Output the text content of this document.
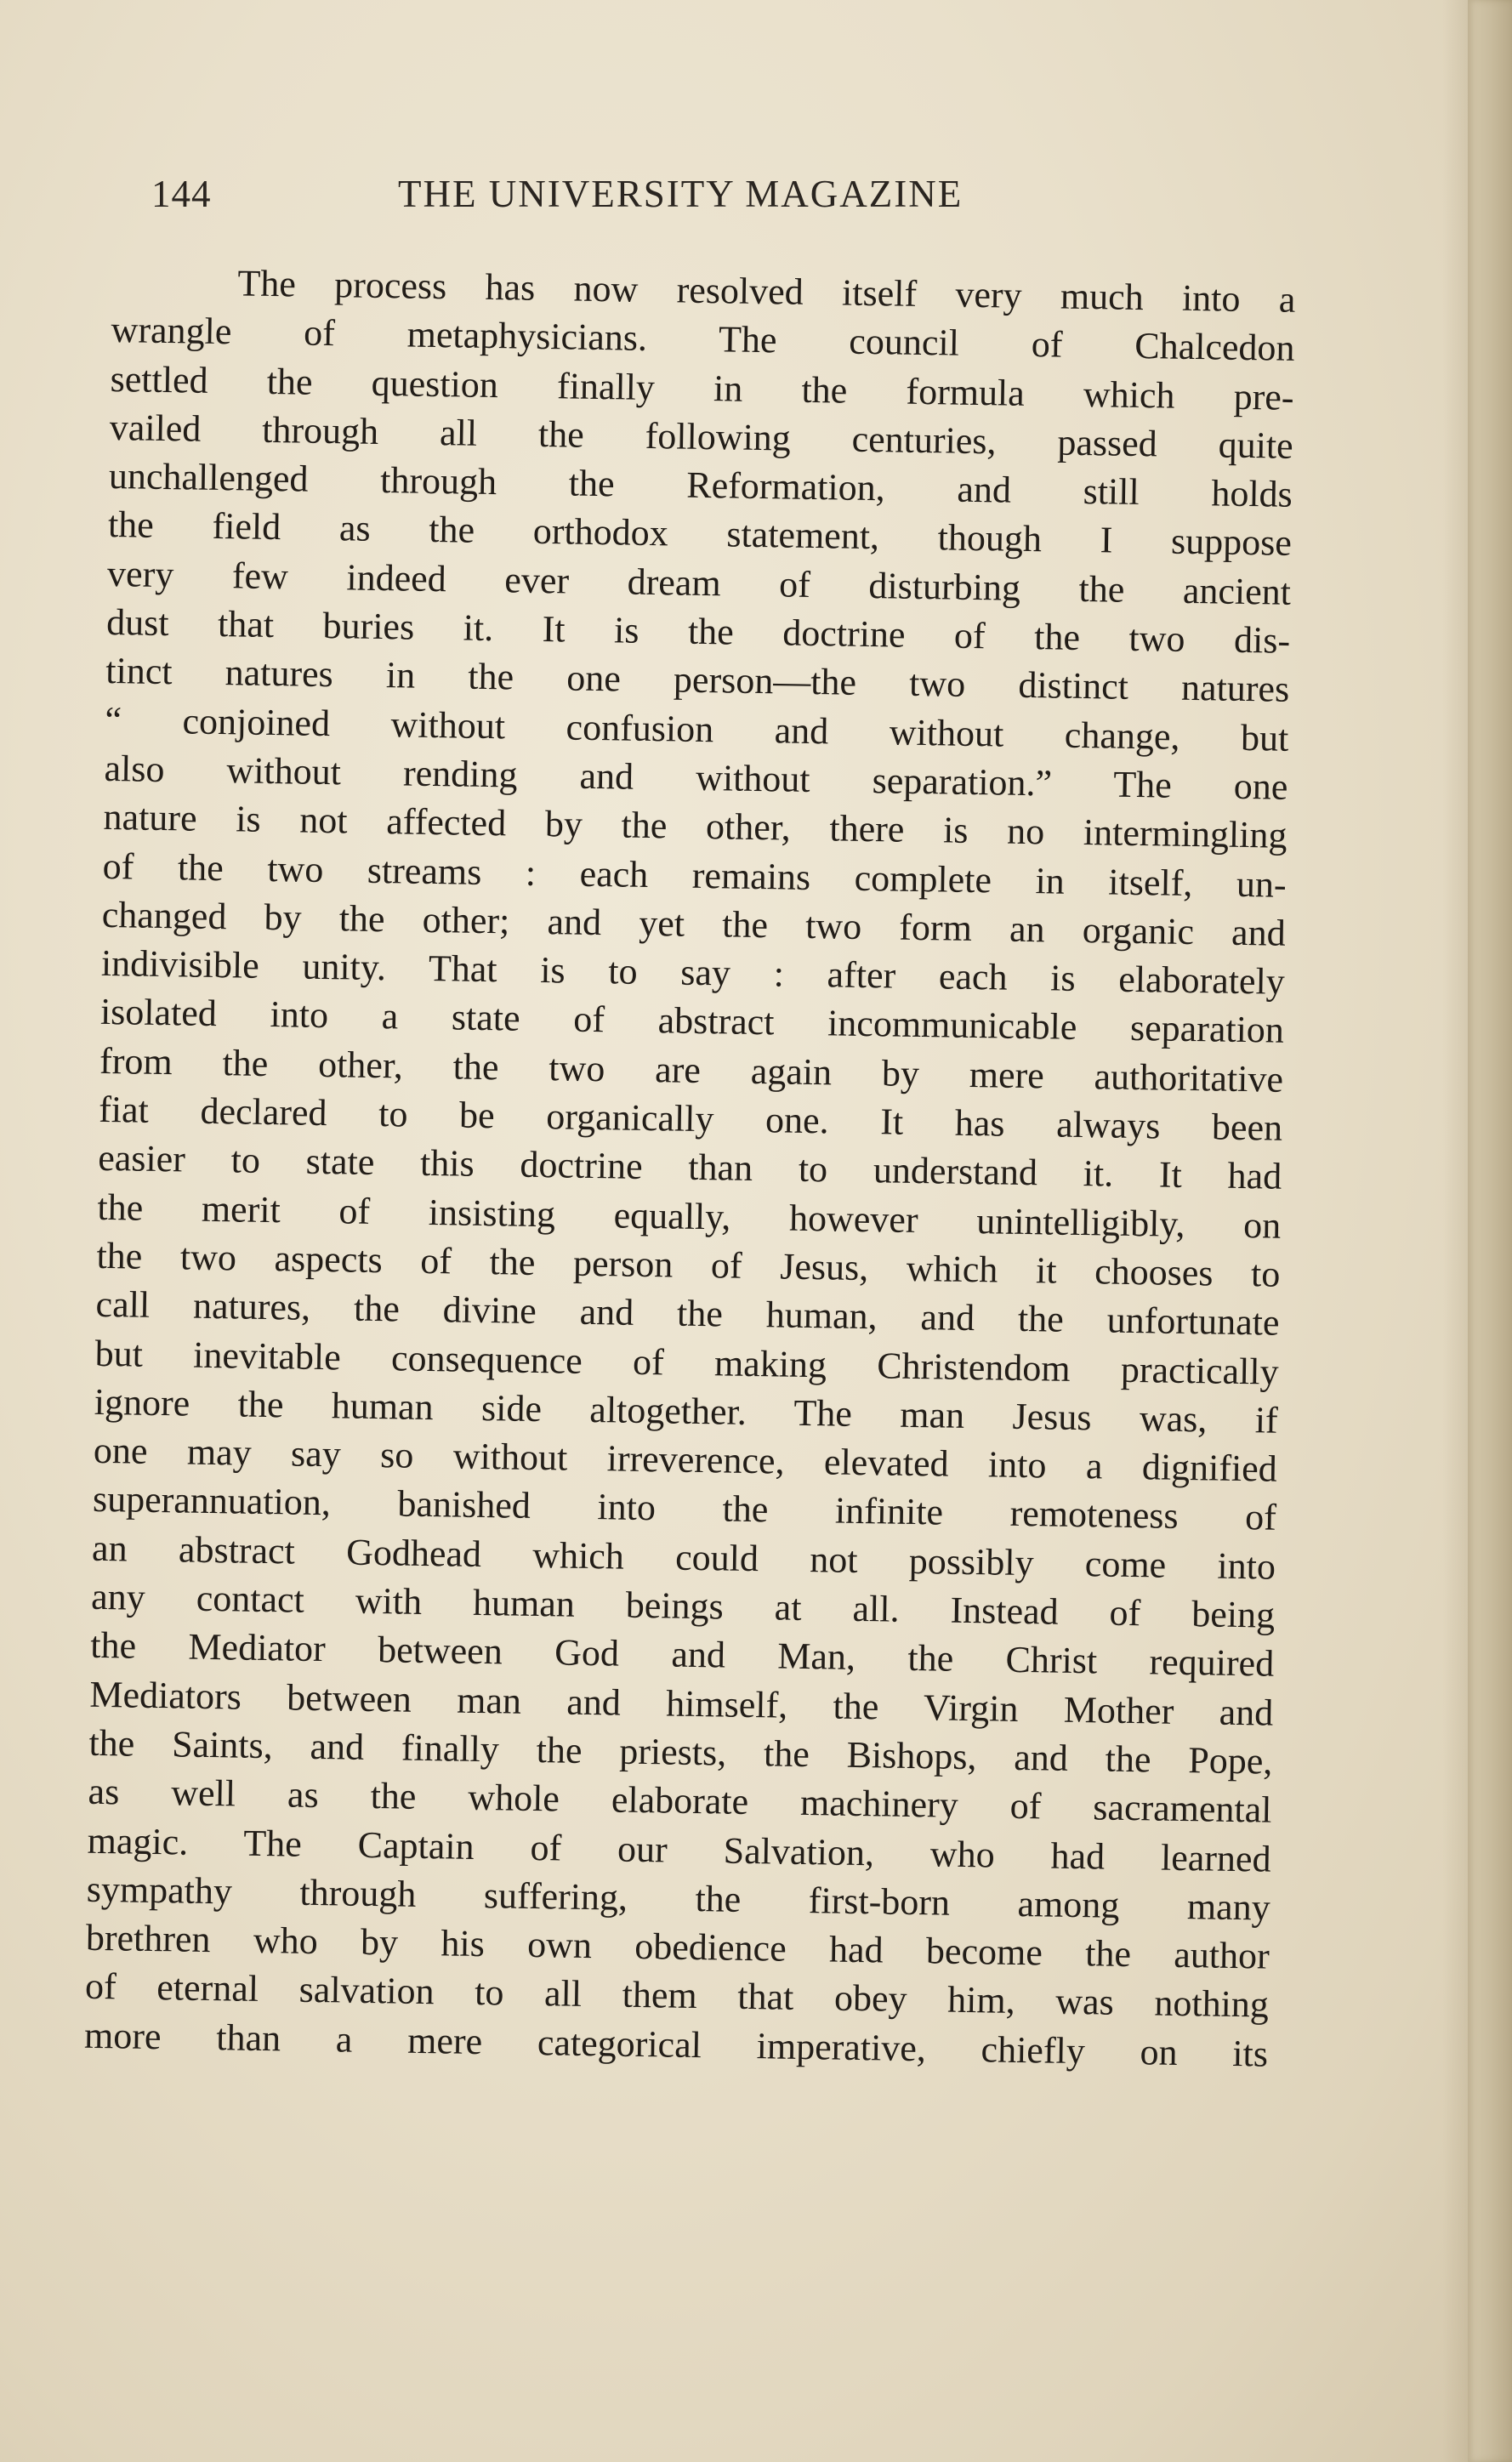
144	THE UNIVERSITY MAGAZINE
The process has now resolved itself very much into a
wrangle of metaphysicians. The council of Chalcedon
settled the question finally in the formula which pre-
vailed through all the following centuries, passed quite
unchallenged through the Reformation, and still holds
the field as the orthodox statement, though I suppose
very few indeed ever dream of disturbing the ancient
dust that buries it. It is the doctrine of the two dis-
tinct natures in the one person—the two distinct natures
“ conjoined without confusion and without change, but
also without rending and without separation.” The one
nature is not affected by the other, there is no intermingling
of the two streams : each remains complete in itself, un-
changed by the other; and yet the two form an organic and
indivisible unity. That is to say : after each is elaborately
isolated into a state of abstract incommunicable separation
from the other, the two are again by mere authoritative
fiat declared to be organically one. It has always been
easier to state this doctrine than to understand it. It had
the merit of insisting equally, however unintelligibly, on
the two aspects of the person of Jesus, which it chooses to
call natures, the divine and the human, and the unfortunate
but inevitable consequence of making Christendom practically
ignore the human side altogether. The man Jesus was, if
one may say so without irreverence, elevated into a dignified
superannuation, banished into the infinite remoteness of
an abstract Godhead which could not possibly come into
any contact with human beings at all. Instead of being
the Mediator between God and Man, the Christ required
Mediators between man and himself, the Virgin Mother and
the Saints, and finally the priests, the Bishops, and the Pope,
as well as the whole elaborate machinery of sacramental
magic. The Captain of our Salvation, who had learned
sympathy through suffering, the first-born among many
brethren who by his own obedience had become the author
of eternal salvation to all them that obey him, was nothing
more than a mere categorical imperative, chiefly on its
